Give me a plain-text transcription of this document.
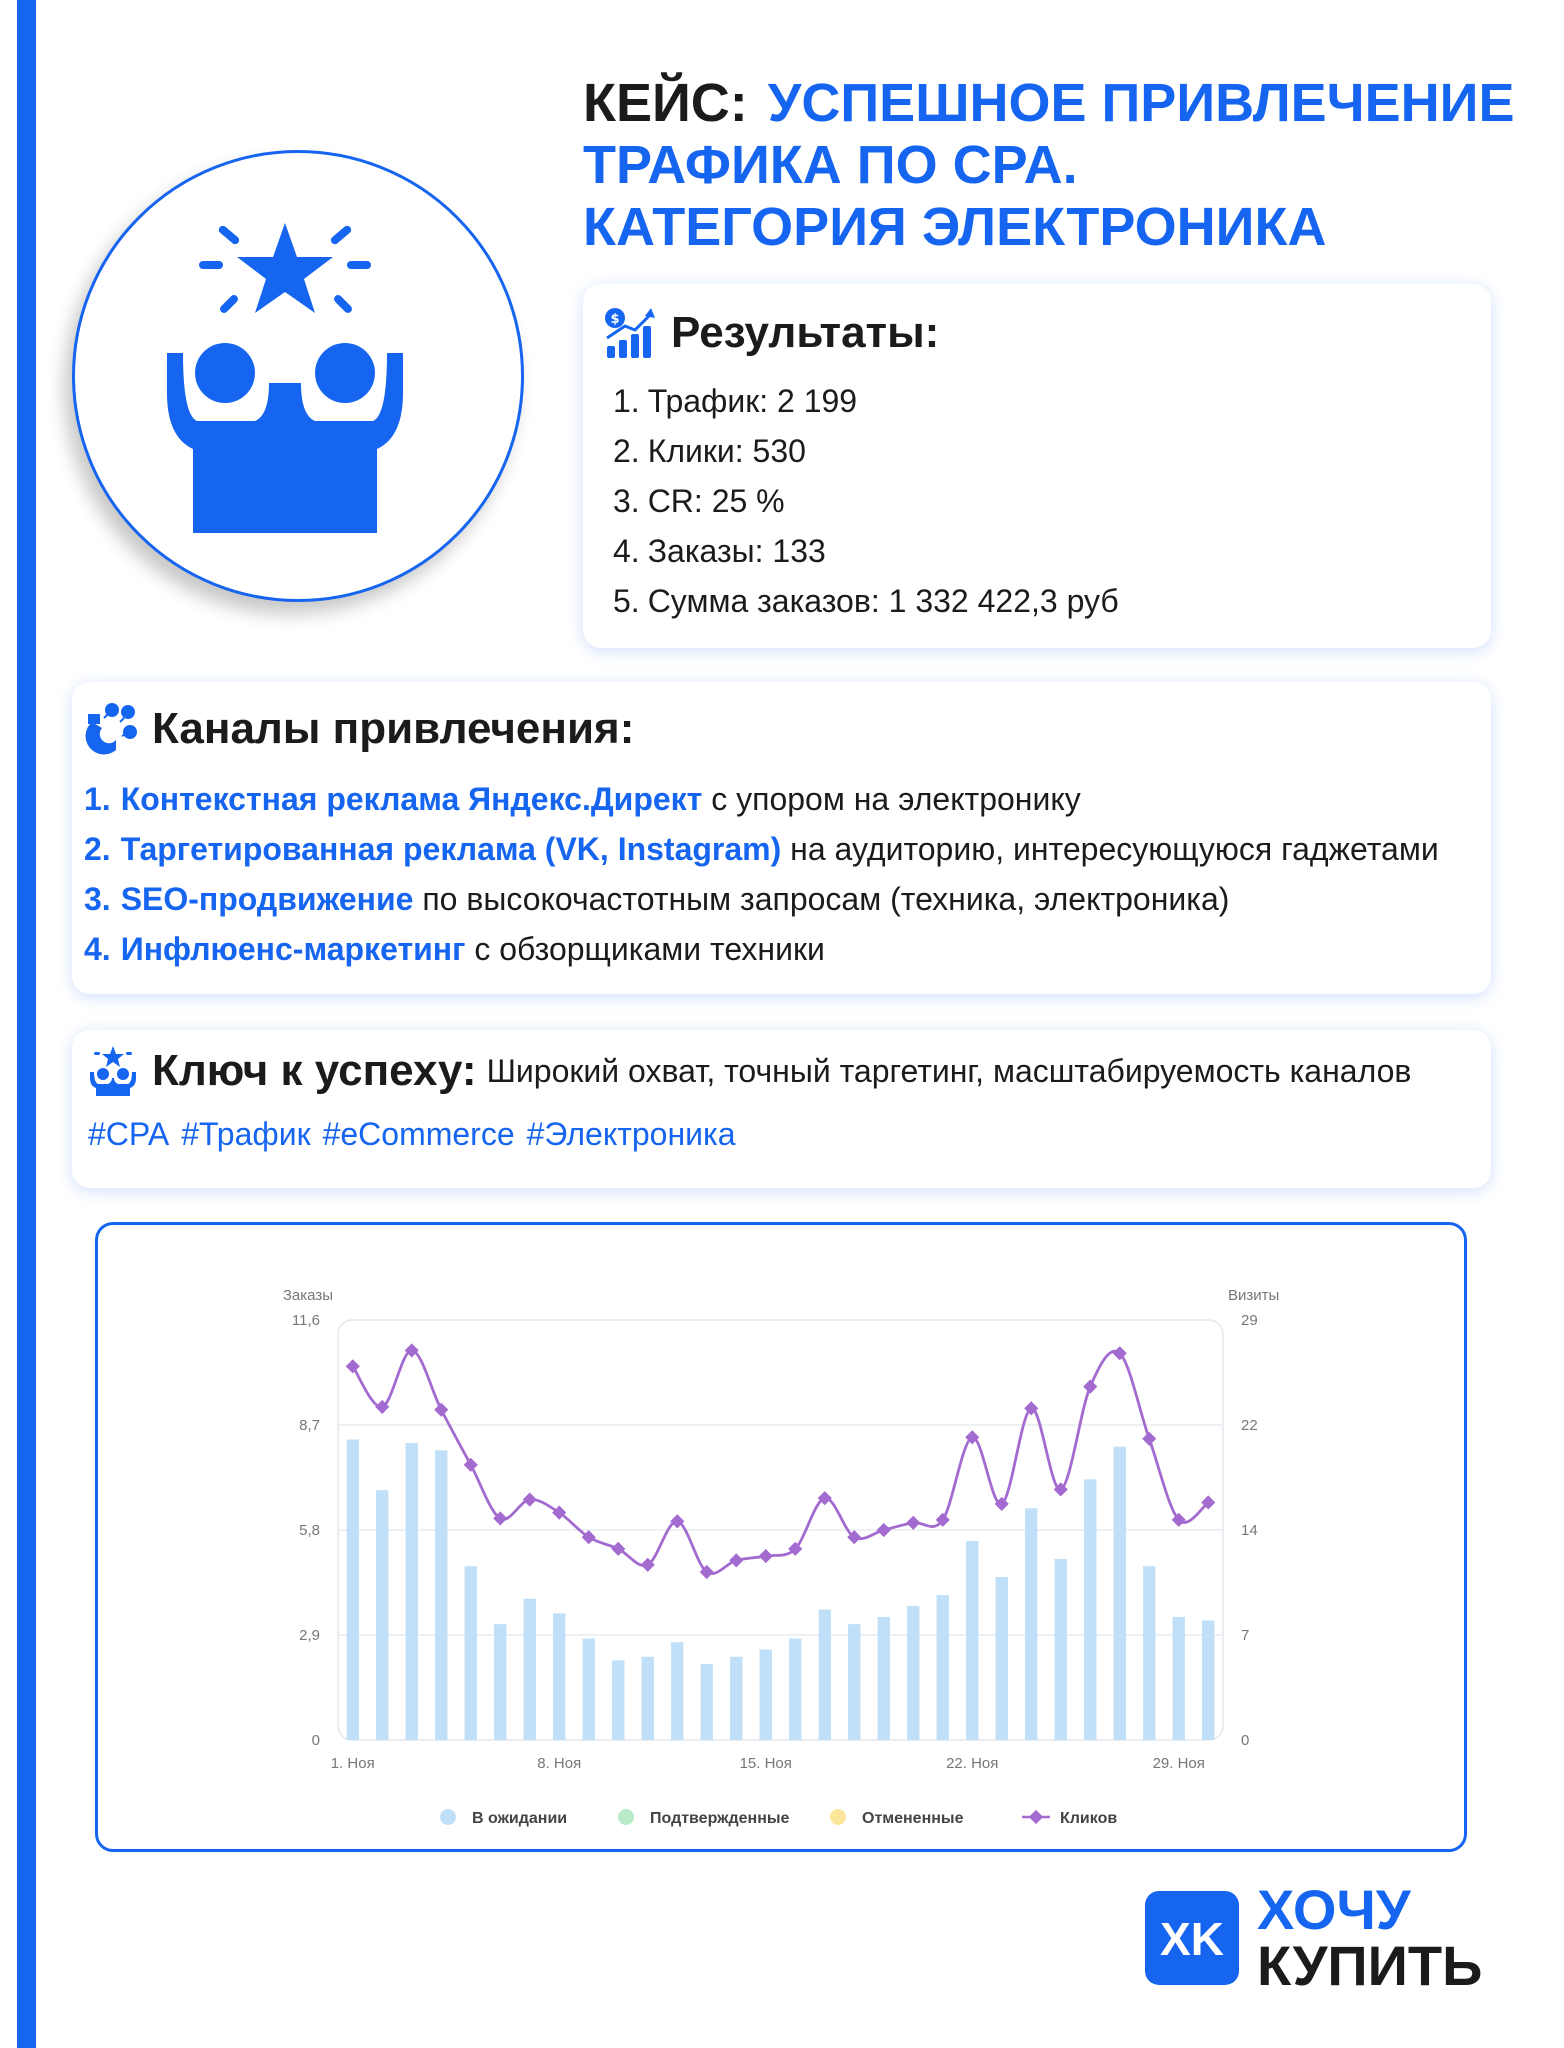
КЕЙС: УСПЕШНОЕ ПРИВЛЕЧЕНИЕ
ТРАФИКА ПО CPA.
КАТЕГОРИЯ ЭЛЕКТРОНИКА
$ Результаты:
1. Трафик: 2 199
2. Клики: 530
3. CR: 25 %
4. Заказы: 133
5. Сумма заказов: 1 332 422,3 руб
Каналы привлечения:
1. Контекстная реклама Яндекс.Директ с упором на электронику
2. Таргетированная реклама (VK, Instagram) на аудиторию, интересующуюся гаджетами
3. SEO-продвижение по высокочастотным запросам (техника, электроника)
4. Инфлюенс-маркетинг с обзорщиками техники
Ключ к успеху: Широкий охват, точный таргетинг, масштабируемость каналов
#CPA #Трафик #eCommerce #Электроника
0	0
2,9	7
5,8	14
8,7	22
11,6	29
Заказы	Визиты
1. Ноя	8. Ноя	15. Ноя	22. Ноя	29. Ноя
В ожидании	Подтвержденные	Отмененные	Кликов
XK ХОЧУ
КУПИТЬ
